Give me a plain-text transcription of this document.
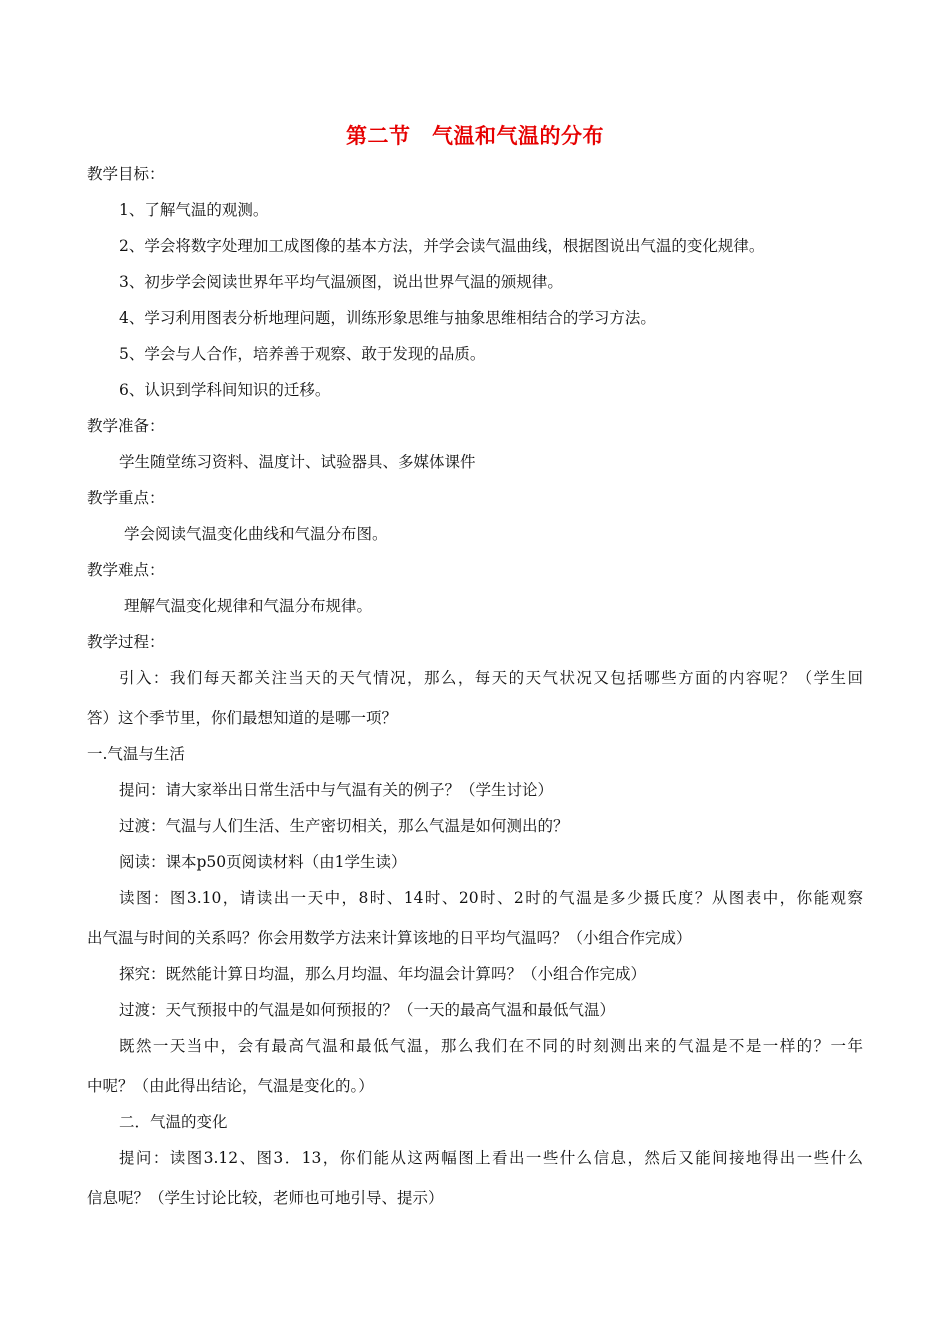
第二节　气温和气温的分布
教学目标：
1、了解气温的观测。
2、学会将数字处理加工成图像的基本方法，并学会读气温曲线，根据图说出气温的变化规律。
3、初步学会阅读世界年平均气温颁图，说出世界气温的颁规律。
4、学习利用图表分析地理问题，训练形象思维与抽象思维相结合的学习方法。
5、学会与人合作，培养善于观察、敢于发现的品质。
6、认识到学科间知识的迁移。
教学准备：
学生随堂练习资料、温度计、试验器具、多媒体课件
教学重点：
学会阅读气温变化曲线和气温分布图。
教学难点：
理解气温变化规律和气温分布规律。
教学过程：
引入：我们每天都关注当天的天气情况，那么，每天的天气状况又包括哪些方面的内容呢？（学生回
答）这个季节里，你们最想知道的是哪一项？
一.气温与生活
提问：请大家举出日常生活中与气温有关的例子？（学生讨论）
过渡：气温与人们生活、生产密切相关，那么气温是如何测出的？
阅读：课本p50页阅读材料（由1学生读）
读图：图3.10，请读出一天中，8时、14时、20时、2时的气温是多少摄氏度？从图表中，你能观察
出气温与时间的关系吗？你会用数学方法来计算该地的日平均气温吗？（小组合作完成）
探究：既然能计算日均温，那么月均温、年均温会计算吗？（小组合作完成）
过渡：天气预报中的气温是如何预报的？（一天的最高气温和最低气温）
既然一天当中，会有最高气温和最低气温，那么我们在不同的时刻测出来的气温是不是一样的？一年
中呢？（由此得出结论，气温是变化的。）
二．气温的变化
提问：读图3.12、图3．13，你们能从这两幅图上看出一些什么信息，然后又能间接地得出一些什么
信息呢？（学生讨论比较，老师也可地引导、提示）
